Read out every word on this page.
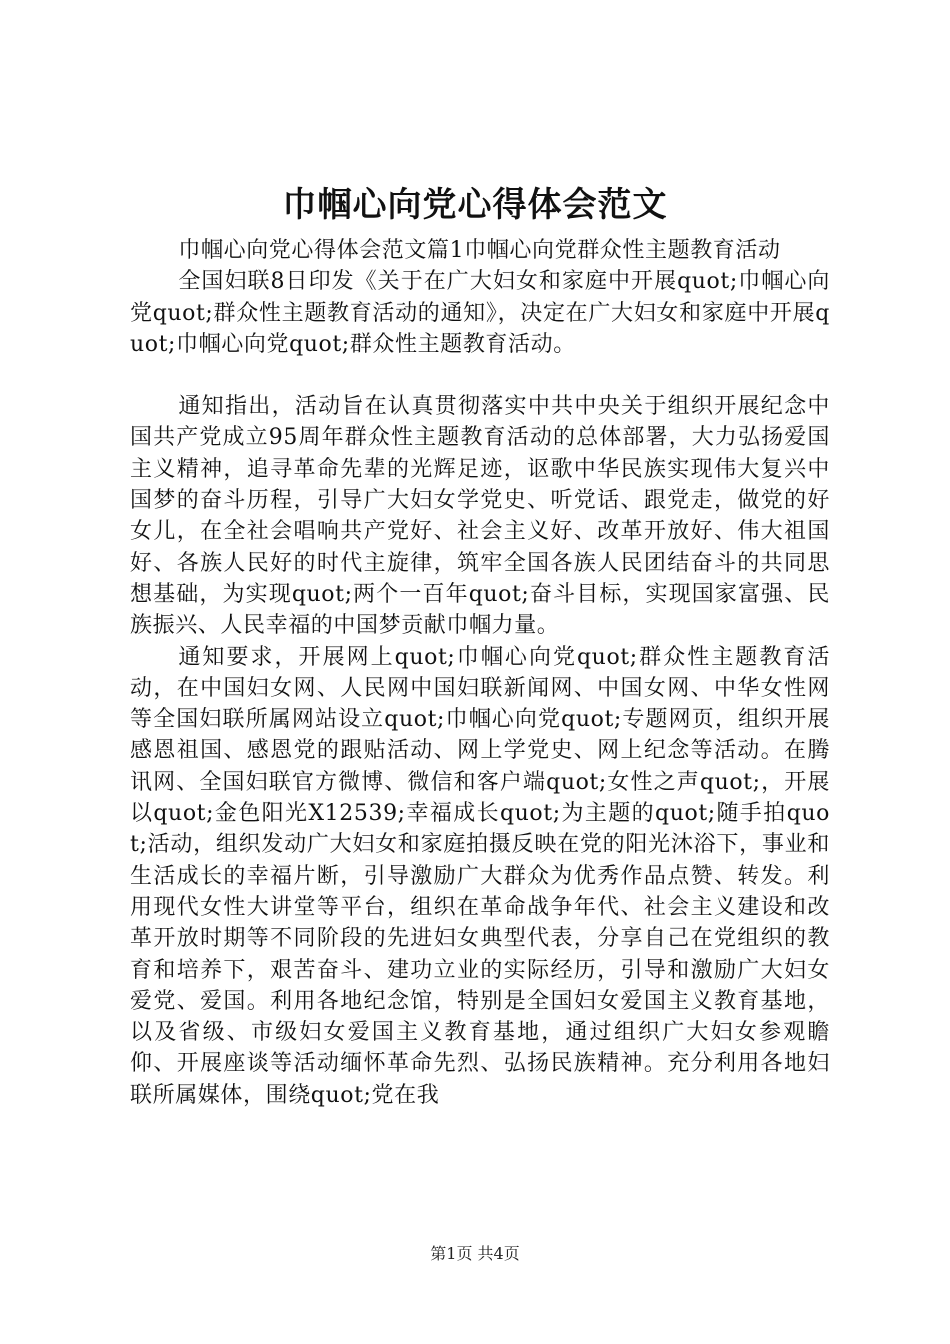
巾帼心向党心得体会范文

巾帼心向党心得体会范文篇1巾帼心向党群众性主题教育活动

全国妇联8日印发《关于在广大妇女和家庭中开展quot;巾帼心向党quot;群众性主题教育活动的通知》，决定在广大妇女和家庭中开展quot;巾帼心向党quot;群众性主题教育活动。

通知指出，活动旨在认真贯彻落实中共中央关于组织开展纪念中国共产党成立95周年群众性主题教育活动的总体部署，大力弘扬爱国主义精神，追寻革命先辈的光辉足迹，讴歌中华民族实现伟大复兴中国梦的奋斗历程，引导广大妇女学党史、听党话、跟党走，做党的好女儿，在全社会唱响共产党好、社会主义好、改革开放好、伟大祖国好、各族人民好的时代主旋律，筑牢全国各族人民团结奋斗的共同思想基础，为实现quot;两个一百年quot;奋斗目标，实现国家富强、民族振兴、人民幸福的中国梦贡献巾帼力量。

通知要求，开展网上quot;巾帼心向党quot;群众性主题教育活动，在中国妇女网、人民网中国妇联新闻网、中国女网、中华女性网等全国妇联所属网站设立quot;巾帼心向党quot;专题网页，组织开展感恩祖国、感恩党的跟贴活动、网上学党史、网上纪念等活动。在腾讯网、全国妇联官方微博、微信和客户端quot;女性之声quot;，开展以quot;金色阳光X12539;幸福成长quot;为主题的quot;随手拍quot;活动，组织发动广大妇女和家庭拍摄反映在党的阳光沐浴下，事业和生活成长的幸福片断，引导激励广大群众为优秀作品点赞、转发。利用现代女性大讲堂等平台，组织在革命战争年代、社会主义建设和改革开放时期等不同阶段的先进妇女典型代表，分享自己在党组织的教育和培养下，艰苦奋斗、建功立业的实际经历，引导和激励广大妇女爱党、爱国。利用各地纪念馆，特别是全国妇女爱国主义教育基地，以及省级、市级妇女爱国主义教育基地，通过组织广大妇女参观瞻仰、开展座谈等活动缅怀革命先烈、弘扬民族精神。充分利用各地妇联所属媒体，围绕quot;党在我

第1页 共4页
